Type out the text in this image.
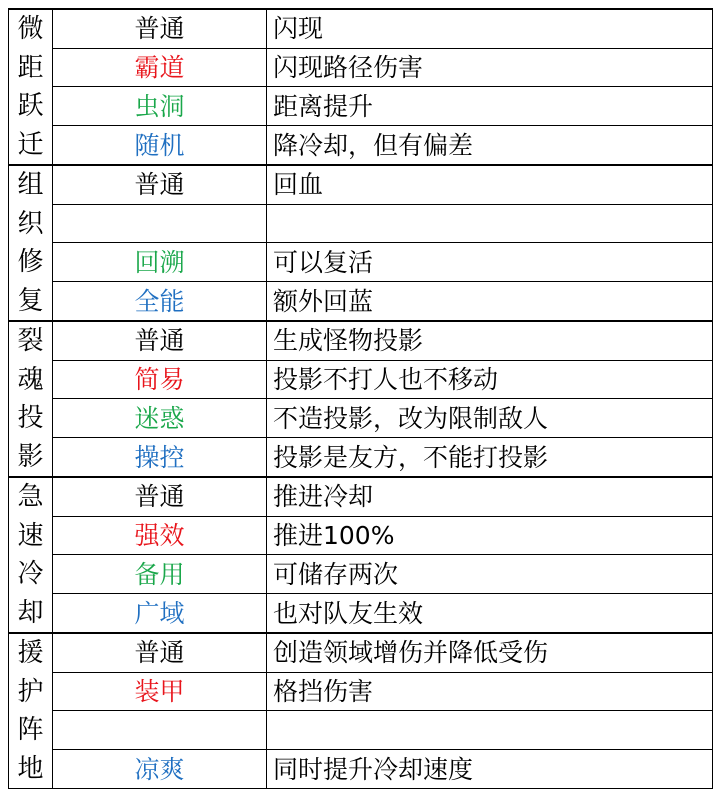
微距跃迁	普通	闪现
	霸道	闪现路径伤害
	虫洞	距离提升
	随机	降冷却，但有偏差
组织修复	普通	回血

	回溯	可以复活
	全能	额外回蓝
裂魂投影	普通	生成怪物投影
	简易	投影不打人也不移动
	迷惑	不造投影，改为限制敌人
	操控	投影是友方，不能打投影
急速冷却	普通	推进冷却
	强效	推进100%
	备用	可储存两次
	广域	也对队友生效
援护阵地	普通	创造领域增伤并降低受伤
	装甲	格挡伤害

	凉爽	同时提升冷却速度
